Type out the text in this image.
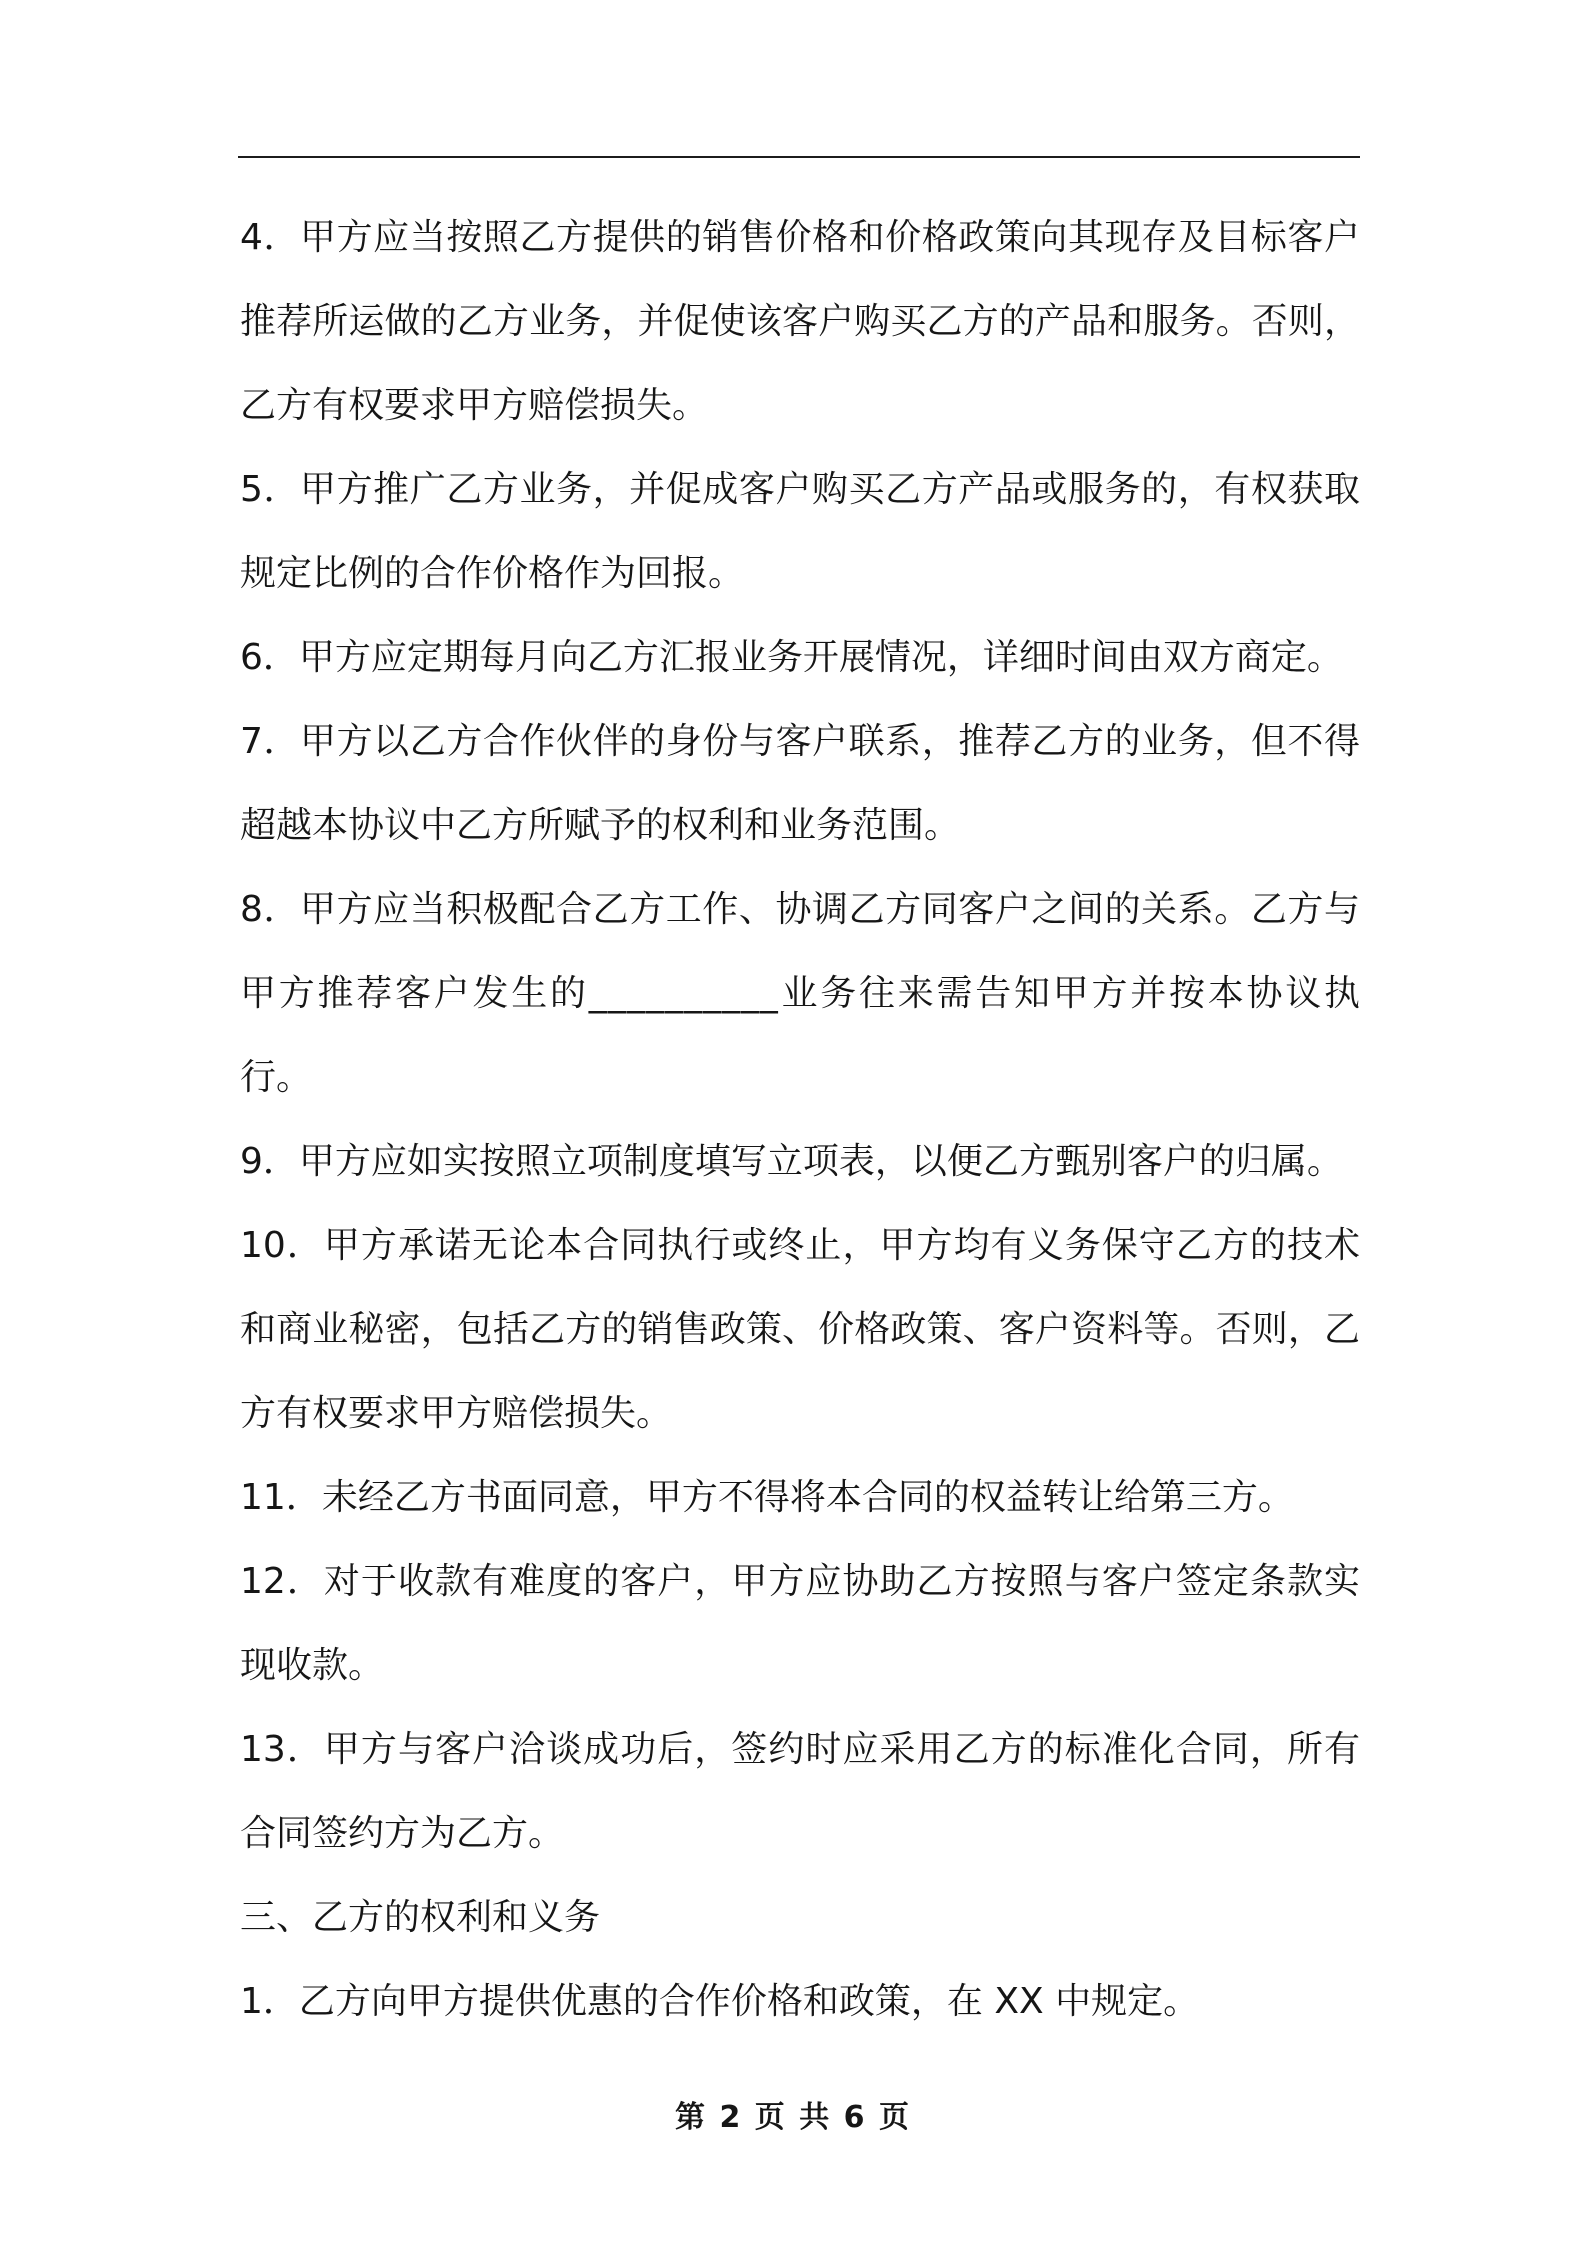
4．甲方应当按照乙方提供的销售价格和价格政策向其现存及目标客户推荐所运做的乙方业务，并促使该客户购买乙方的产品和服务。否则，乙方有权要求甲方赔偿损失。

5．甲方推广乙方业务，并促成客户购买乙方产品或服务的，有权获取规定比例的合作价格作为回报。

6．甲方应定期每月向乙方汇报业务开展情况，详细时间由双方商定。

7．甲方以乙方合作伙伴的身份与客户联系，推荐乙方的业务，但不得超越本协议中乙方所赋予的权利和业务范围。

8．甲方应当积极配合乙方工作、协调乙方同客户之间的关系。乙方与甲方推荐客户发生的__________业务往来需告知甲方并按本协议执行。

9．甲方应如实按照立项制度填写立项表，以便乙方甄别客户的归属。

10．甲方承诺无论本合同执行或终止，甲方均有义务保守乙方的技术和商业秘密，包括乙方的销售政策、价格政策、客户资料等。否则，乙方有权要求甲方赔偿损失。

11．未经乙方书面同意，甲方不得将本合同的权益转让给第三方。

12．对于收款有难度的客户，甲方应协助乙方按照与客户签定条款实现收款。

13．甲方与客户洽谈成功后，签约时应采用乙方的标准化合同，所有合同签约方为乙方。

三、乙方的权利和义务

1．乙方向甲方提供优惠的合作价格和政策，在 XX 中规定。

第 2 页 共 6 页
